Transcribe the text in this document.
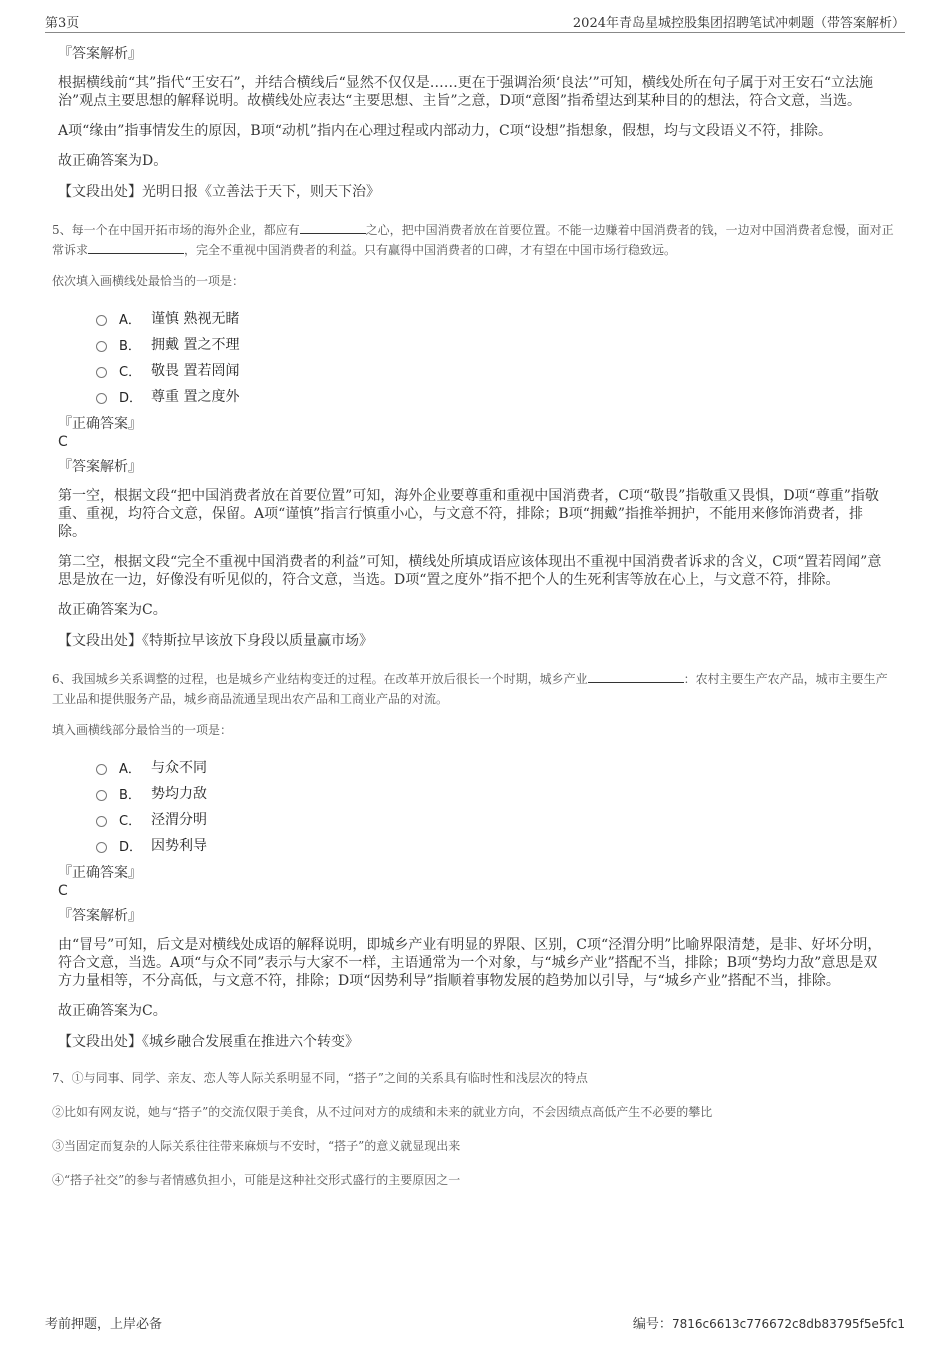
第3页	2024年青岛星城控股集团招聘笔试冲刺题（带答案解析）
『答案解析』

根据横线前“其”指代“王安石”，并结合横线后“显然不仅仅是……更在于强调治须‘良法’”可知，横线处所在句子属于对王安石“立法施治”观点主要思想的解释说明。故横线处应表达“主要思想、主旨”之意，D项“意图”指希望达到某种目的的想法，符合文意，当选。

A项“缘由”指事情发生的原因，B项“动机”指内在心理过程或内部动力，C项“设想”指想象，假想，均与文段语义不符，排除。

故正确答案为D。

【文段出处】光明日报《立善法于天下，则天下治》
5、每一个在中国开拓市场的海外企业，都应有	之心，把中国消费者放在首要位置。不能一边赚着中国消费者的钱，一边对中国消费者怠慢，面对正常诉求	，完全不重视中国消费者的利益。只有赢得中国消费者的口碑，才有望在中国市场行稳致远。
依次填入画横线处最恰当的一项是：
A． 谨慎 熟视无睹
B． 拥戴 置之不理
C． 敬畏 置若罔闻
D． 尊重 置之度外
『正确答案』
C
『答案解析』

第一空，根据文段“把中国消费者放在首要位置”可知，海外企业要尊重和重视中国消费者，C项“敬畏”指敬重又畏惧，D项“尊重”指敬重、重视，均符合文意，保留。A项“谨慎”指言行慎重小心，与文意不符，排除；B项“拥戴”指推举拥护，不能用来修饰消费者，排除。

第二空，根据文段“完全不重视中国消费者的利益”可知，横线处所填成语应该体现出不重视中国消费者诉求的含义，C项“置若罔闻”意思是放在一边，好像没有听见似的，符合文意，当选。D项“置之度外”指不把个人的生死利害等放在心上，与文意不符，排除。

故正确答案为C。

【文段出处】《特斯拉早该放下身段以质量赢市场》
6、我国城乡关系调整的过程，也是城乡产业结构变迁的过程。在改革开放后很长一个时期，城乡产业	：农村主要生产农产品，城市主要生产工业品和提供服务产品，城乡商品流通呈现出农产品和工商业产品的对流。
填入画横线部分最恰当的一项是：
A． 与众不同
B． 势均力敌
C． 泾渭分明
D． 因势利导
『正确答案』
C
『答案解析』

由“冒号”可知，后文是对横线处成语的解释说明，即城乡产业有明显的界限、区别，C项“泾渭分明”比喻界限清楚，是非、好坏分明，符合文意，当选。A项“与众不同”表示与大家不一样，主语通常为一个对象，与“城乡产业”搭配不当，排除；B项“势均力敌”意思是双方力量相等，不分高低，与文意不符，排除；D项“因势利导”指顺着事物发展的趋势加以引导，与“城乡产业”搭配不当，排除。

故正确答案为C。

【文段出处】《城乡融合发展重在推进六个转变》
7、①与同事、同学、亲友、恋人等人际关系明显不同，“搭子”之间的关系具有临时性和浅层次的特点
②比如有网友说，她与“搭子”的交流仅限于美食，从不过问对方的成绩和未来的就业方向，不会因绩点高低产生不必要的攀比
③当固定而复杂的人际关系往往带来麻烦与不安时，“搭子”的意义就显现出来
④“搭子社交”的参与者情感负担小，可能是这种社交形式盛行的主要原因之一
考前押题，上岸必备	编号：7816c6613c776672c8db83795f5e5fc1
